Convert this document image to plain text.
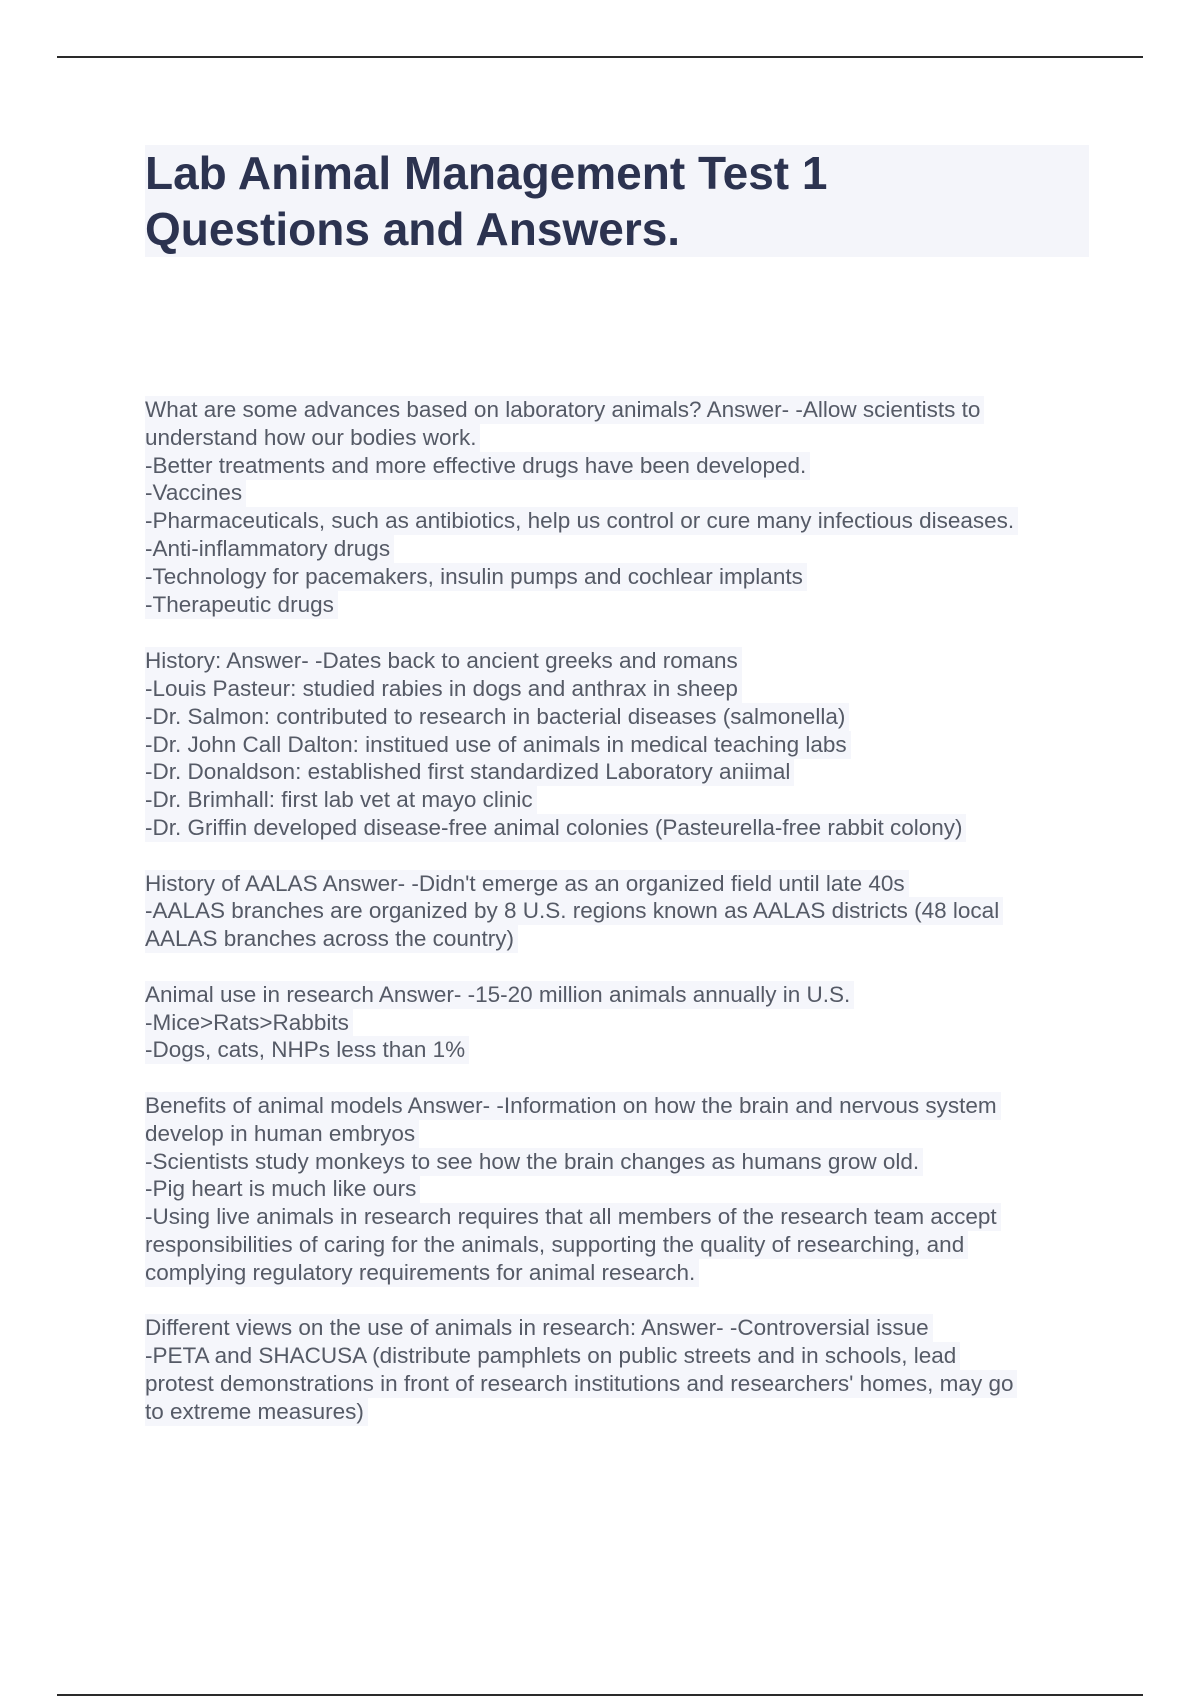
Lab Animal Management Test 1
Questions and Answers.
What are some advances based on laboratory animals? Answer- -Allow scientists to
understand how our bodies work.
-Better treatments and more effective drugs have been developed.
-Vaccines
-Pharmaceuticals, such as antibiotics, help us control or cure many infectious diseases.
-Anti-inflammatory drugs
-Technology for pacemakers, insulin pumps and cochlear implants
-Therapeutic drugs
History: Answer- -Dates back to ancient greeks and romans
-Louis Pasteur: studied rabies in dogs and anthrax in sheep
-Dr. Salmon: contributed to research in bacterial diseases (salmonella)
-Dr. John Call Dalton: institued use of animals in medical teaching labs
-Dr. Donaldson: established first standardized Laboratory aniimal
-Dr. Brimhall: first lab vet at mayo clinic
-Dr. Griffin developed disease-free animal colonies (Pasteurella-free rabbit colony)
History of AALAS Answer- -Didn't emerge as an organized field until late 40s
-AALAS branches are organized by 8 U.S. regions known as AALAS districts (48 local
AALAS branches across the country)
Animal use in research Answer- -15-20 million animals annually in U.S.
-Mice>Rats>Rabbits
-Dogs, cats, NHPs less than 1%
Benefits of animal models Answer- -Information on how the brain and nervous system
develop in human embryos
-Scientists study monkeys to see how the brain changes as humans grow old.
-Pig heart is much like ours
-Using live animals in research requires that all members of the research team accept
responsibilities of caring for the animals, supporting the quality of researching, and
complying regulatory requirements for animal research.
Different views on the use of animals in research: Answer- -Controversial issue
-PETA and SHACUSA (distribute pamphlets on public streets and in schools, lead
protest demonstrations in front of research institutions and researchers' homes, may go
to extreme measures)
